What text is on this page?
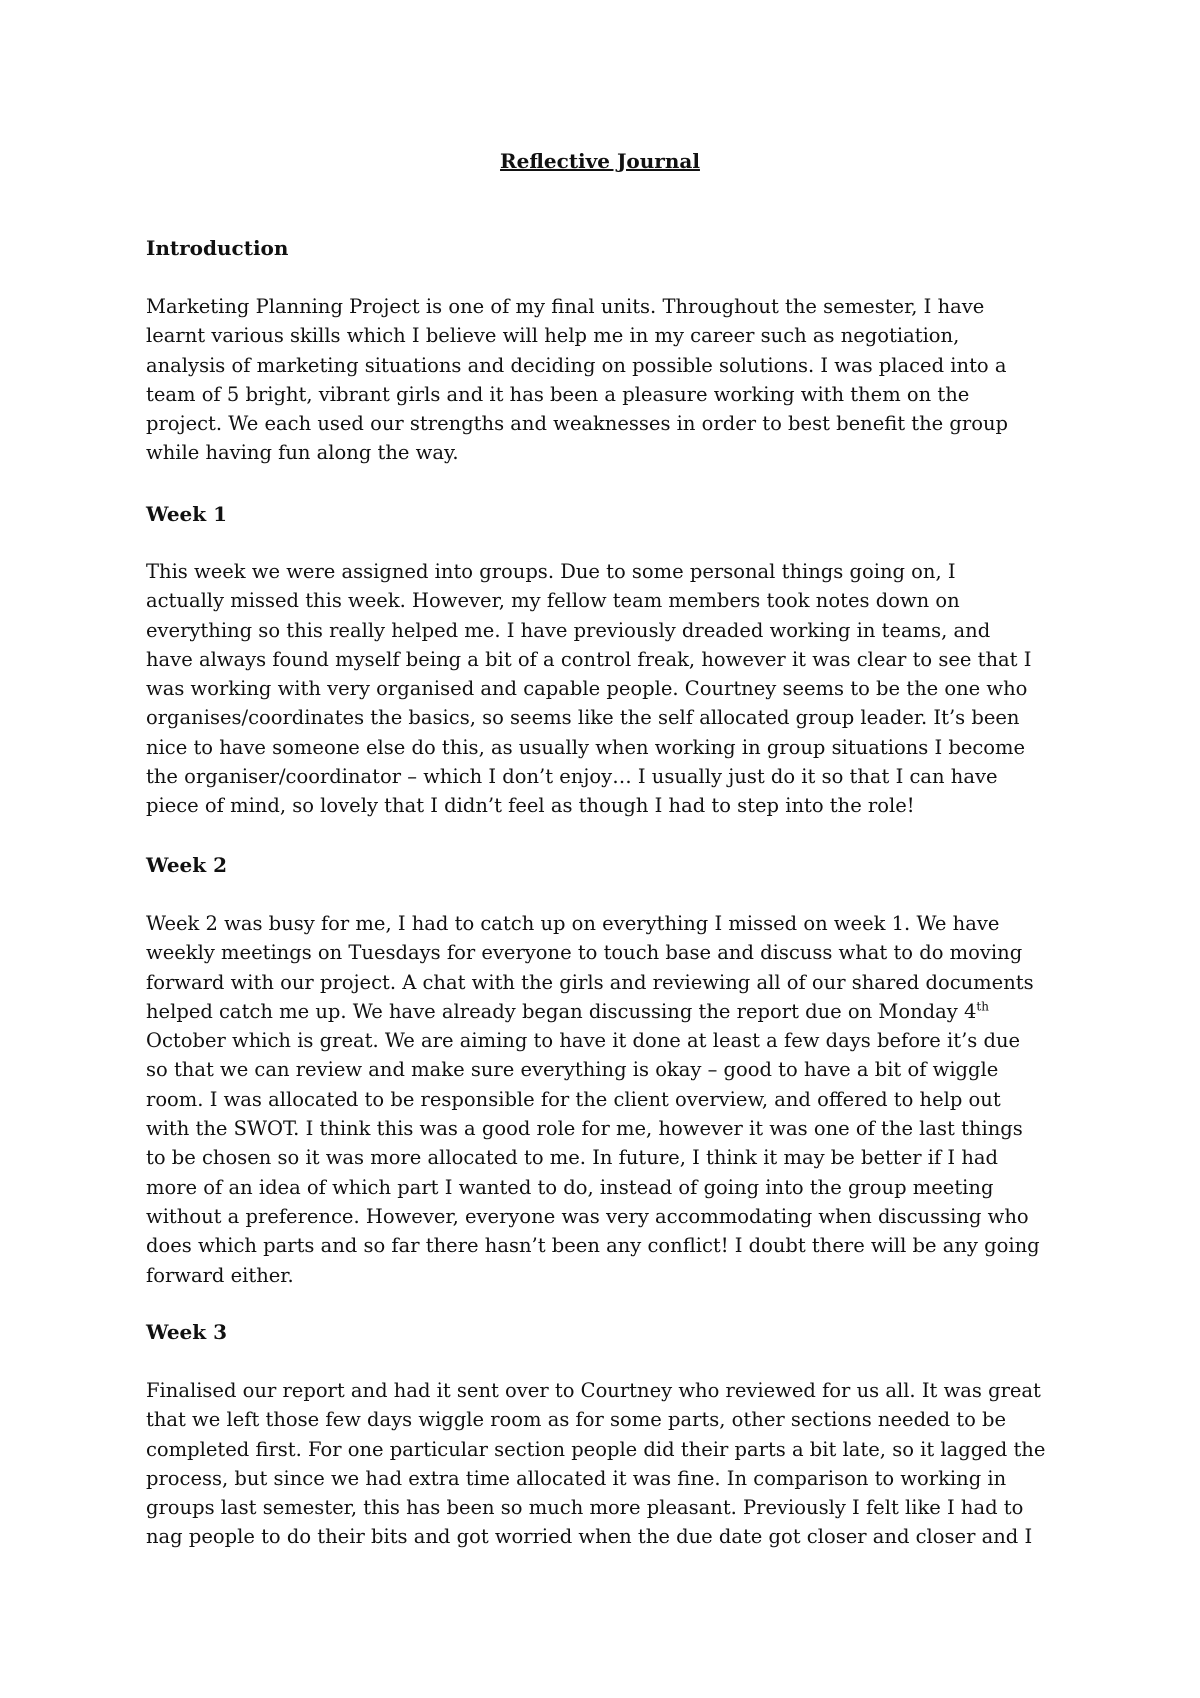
Reflective Journal
Introduction
Marketing Planning Project is one of my final units. Throughout the semester, I have
learnt various skills which I believe will help me in my career such as negotiation,
analysis of marketing situations and deciding on possible solutions. I was placed into a
team of 5 bright, vibrant girls and it has been a pleasure working with them on the
project. We each used our strengths and weaknesses in order to best benefit the group
while having fun along the way.
Week 1
This week we were assigned into groups. Due to some personal things going on, I
actually missed this week. However, my fellow team members took notes down on
everything so this really helped me. I have previously dreaded working in teams, and
have always found myself being a bit of a control freak, however it was clear to see that I
was working with very organised and capable people. Courtney seems to be the one who
organises/coordinates the basics, so seems like the self allocated group leader. It’s been
nice to have someone else do this, as usually when working in group situations I become
the organiser/coordinator – which I don’t enjoy… I usually just do it so that I can have
piece of mind, so lovely that I didn’t feel as though I had to step into the role!
Week 2
Week 2 was busy for me, I had to catch up on everything I missed on week 1. We have
weekly meetings on Tuesdays for everyone to touch base and discuss what to do moving
forward with our project. A chat with the girls and reviewing all of our shared documents
helped catch me up. We have already began discussing the report due on Monday 4th
October which is great. We are aiming to have it done at least a few days before it’s due
so that we can review and make sure everything is okay – good to have a bit of wiggle
room. I was allocated to be responsible for the client overview, and offered to help out
with the SWOT. I think this was a good role for me, however it was one of the last things
to be chosen so it was more allocated to me. In future, I think it may be better if I had
more of an idea of which part I wanted to do, instead of going into the group meeting
without a preference. However, everyone was very accommodating when discussing who
does which parts and so far there hasn’t been any conflict! I doubt there will be any going
forward either.
Week 3
Finalised our report and had it sent over to Courtney who reviewed for us all. It was great
that we left those few days wiggle room as for some parts, other sections needed to be
completed first. For one particular section people did their parts a bit late, so it lagged the
process, but since we had extra time allocated it was fine. In comparison to working in
groups last semester, this has been so much more pleasant. Previously I felt like I had to
nag people to do their bits and got worried when the due date got closer and closer and I
